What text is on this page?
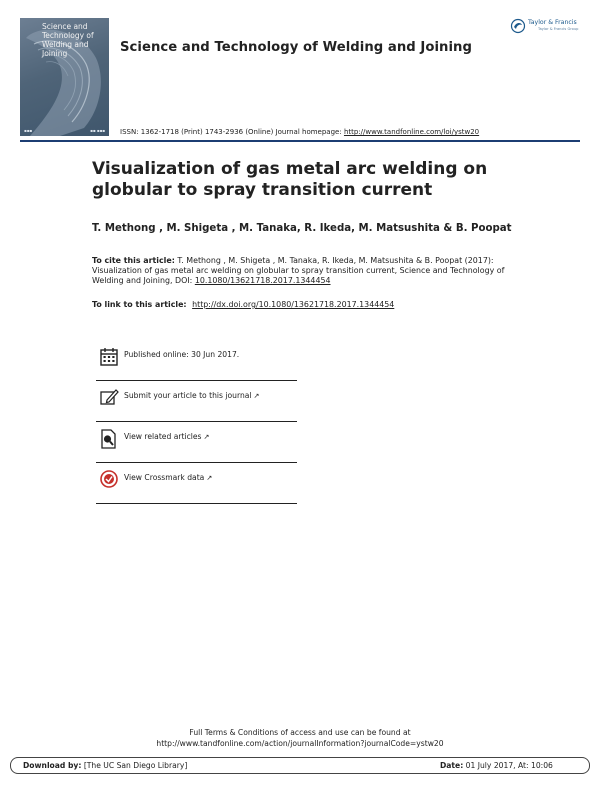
Science and
Technology of
Welding and
Joining
▪▪▪	▪▪ ▪▪▪
Science and Technology of Welding and Joining
Taylor & Francis
Taylor & Francis Group
ISSN: 1362-1718 (Print) 1743-2936 (Online) Journal homepage: http://www.tandfonline.com/loi/ystw20
Visualization of gas metal arc welding on globular to spray transition current
T. Methong , M. Shigeta , M. Tanaka, R. Ikeda, M. Matsushita & B. Poopat
To cite this article: T. Methong , M. Shigeta , M. Tanaka, R. Ikeda, M. Matsushita & B. Poopat (2017): Visualization of gas metal arc welding on globular to spray transition current, Science and Technology of Welding and Joining, DOI: 10.1080/13621718.2017.1344454
To link to this article: http://dx.doi.org/10.1080/13621718.2017.1344454
Published online: 30 Jun 2017.
Submit your article to this journal ↗
View related articles ↗
View Crossmark data ↗
Full Terms & Conditions of access and use can be found at
http://www.tandfonline.com/action/journalInformation?journalCode=ystw20
Download by: [The UC San Diego Library]	Date: 01 July 2017, At: 10:06
